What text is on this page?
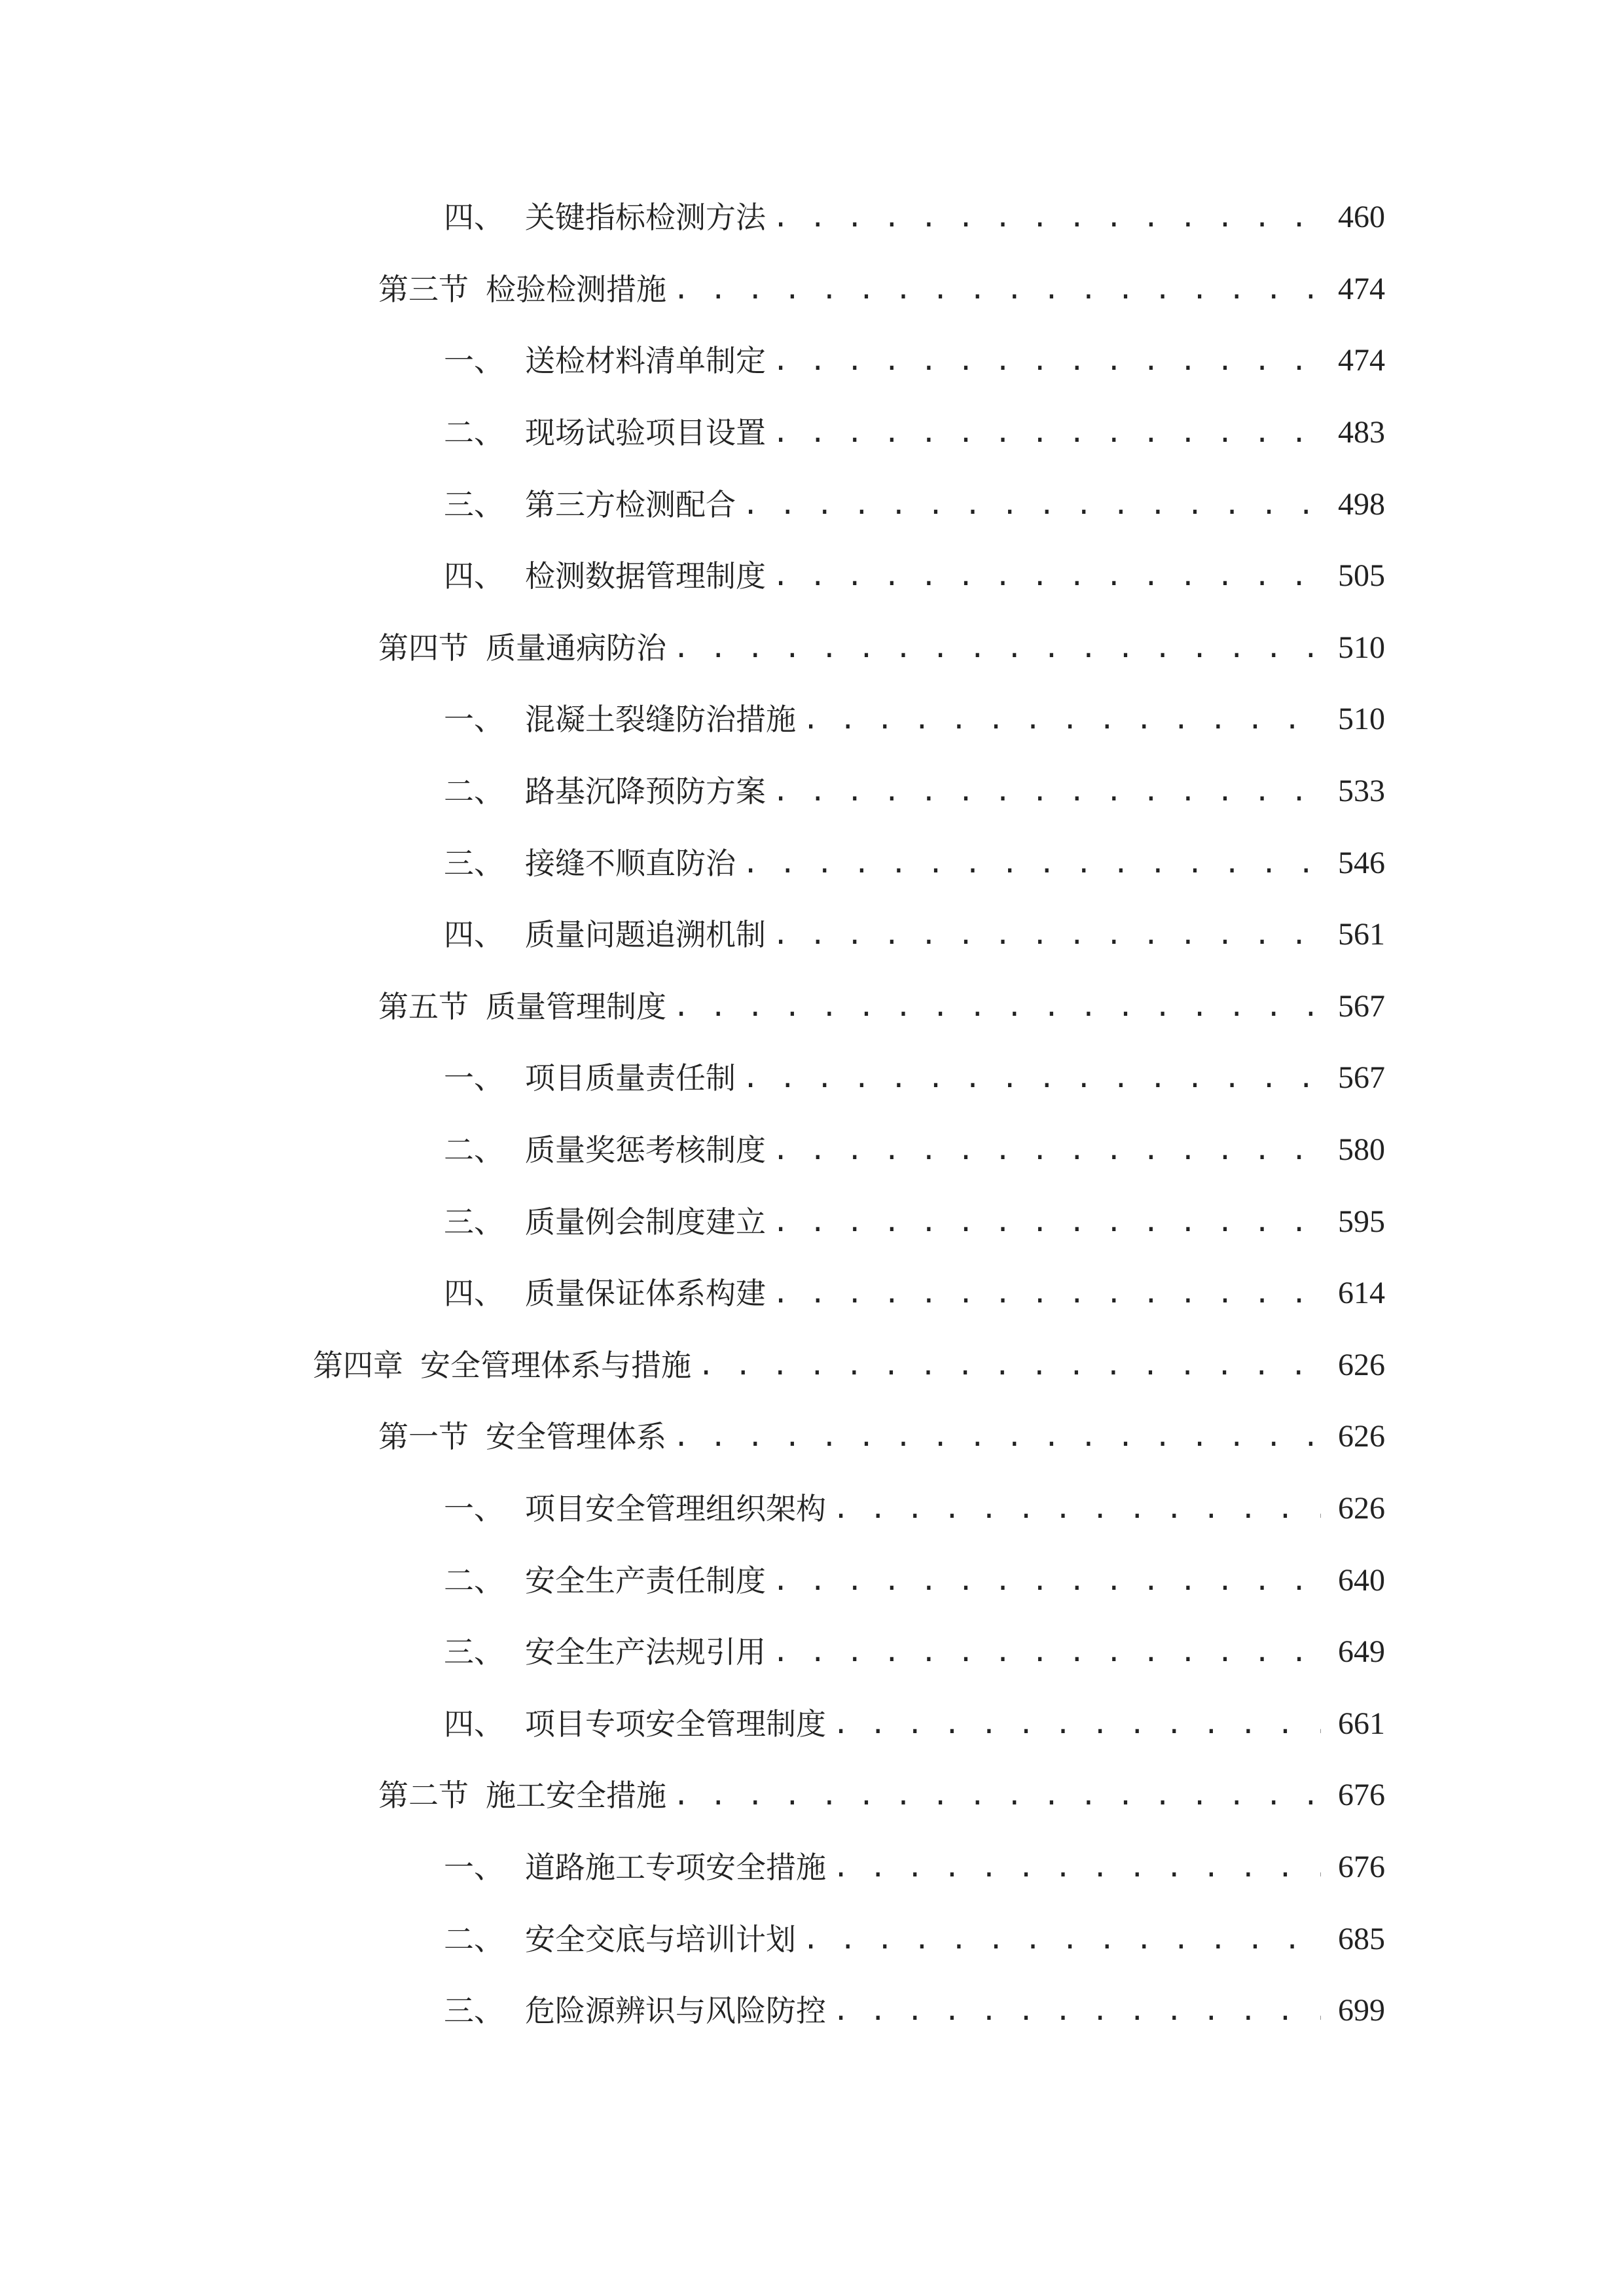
四、 关键指标检测方法 . . .	460
第三节 检验检测措施 . . .	474
一、 送检材料清单制定 . . .	474
二、 现场试验项目设置 . . .	483
三、 第三方检测配合 . . .	498
四、 检测数据管理制度 . . .	505
第四节 质量通病防治 . . .	510
一、 混凝土裂缝防治措施 . . .	510
二、 路基沉降预防方案 . . .	533
三、 接缝不顺直防治 . . .	546
四、 质量问题追溯机制 . . .	561
第五节 质量管理制度 . . .	567
一、 项目质量责任制 . . .	567
二、 质量奖惩考核制度 . . .	580
三、 质量例会制度建立 . . .	595
四、 质量保证体系构建 . . .	614
第四章 安全管理体系与措施 . . .	626
第一节 安全管理体系 . . .	626
一、 项目安全管理组织架构 . . .	626
二、 安全生产责任制度 . . .	640
三、 安全生产法规引用 . . .	649
四、 项目专项安全管理制度 . . .	661
第二节 施工安全措施 . . .	676
一、 道路施工专项安全措施 . . .	676
二、 安全交底与培训计划 . . .	685
三、 危险源辨识与风险防控 . . .	699
